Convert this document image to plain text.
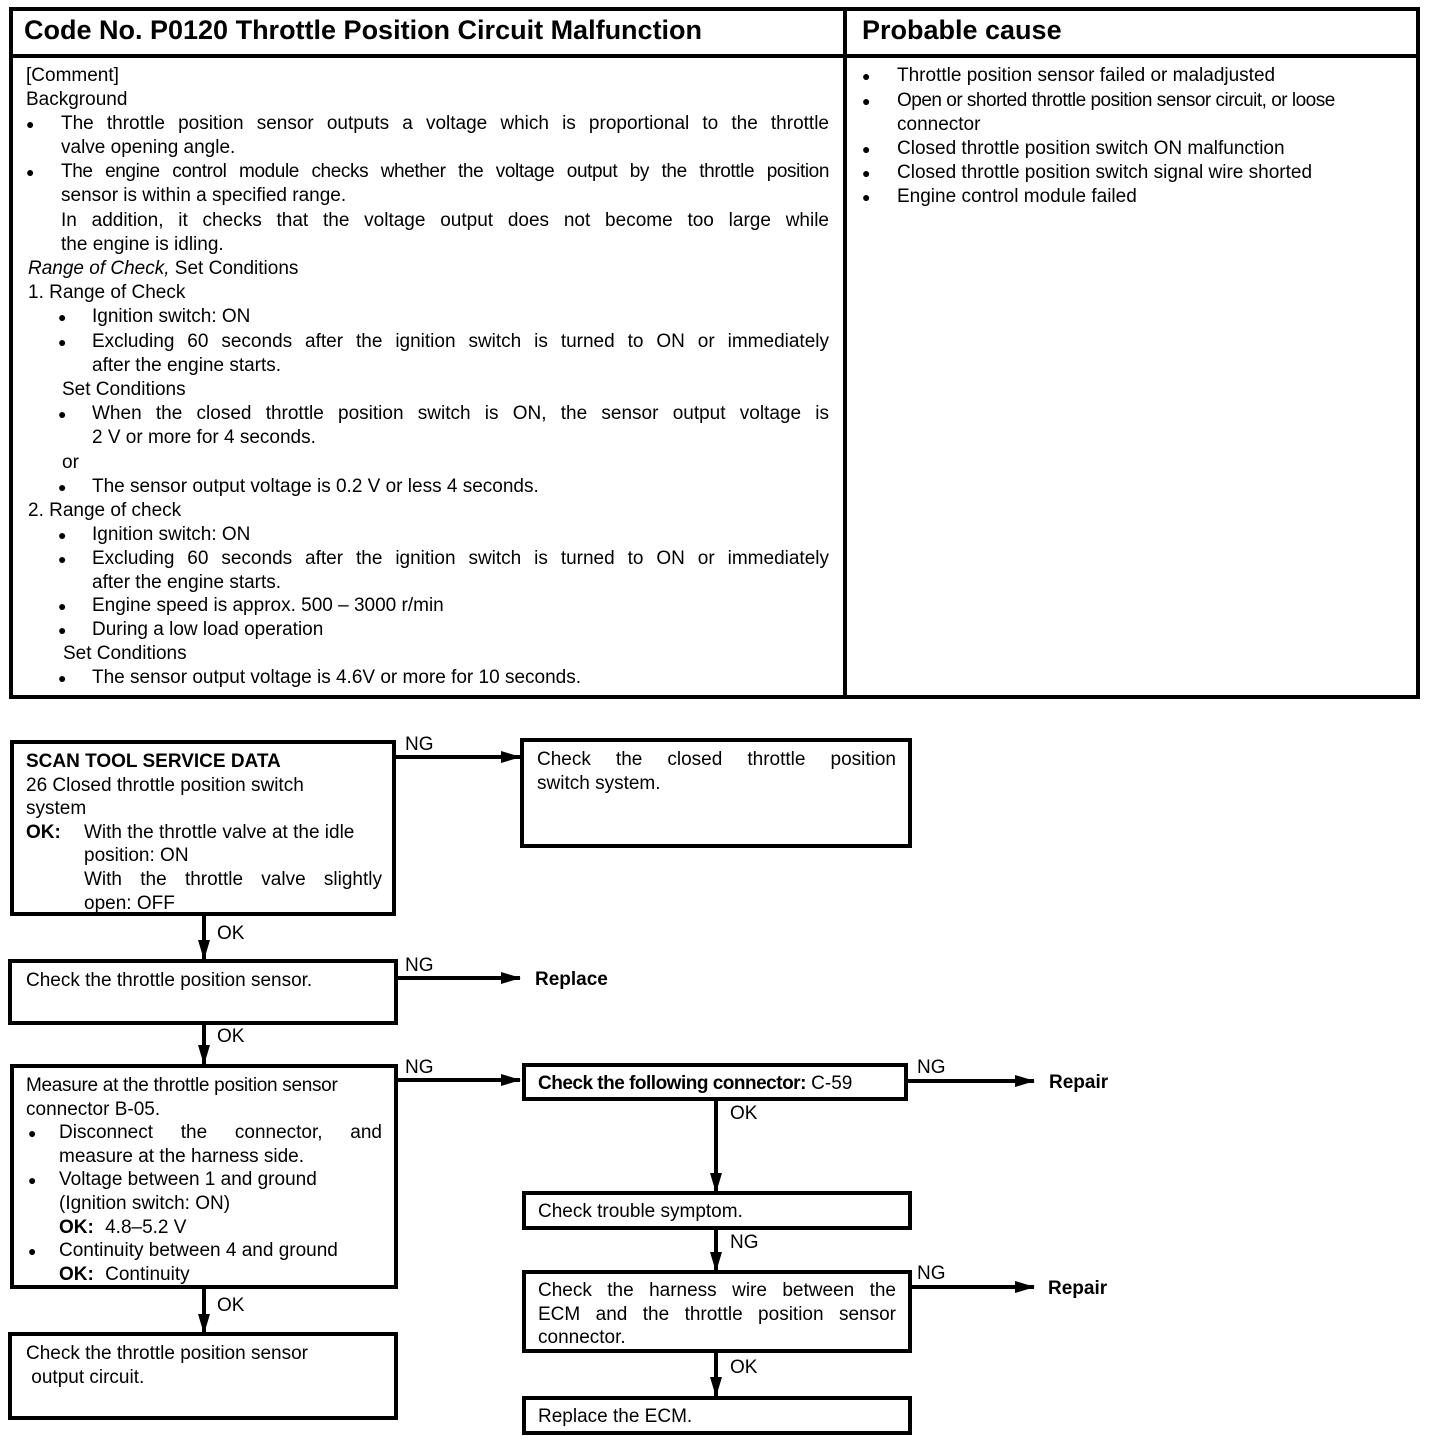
Code No. P0120 Throttle Position Circuit Malfunction	Probable cause
[Comment]
Background
The throttle position sensor outputs a voltage which is proportional to the throttle
valve opening angle.
The engine control module checks whether the voltage output by the throttle position
sensor is within a specified range.
In addition, it checks that the voltage output does not become too large while
the engine is idling.
Range of Check, Set Conditions
1. Range of Check
Ignition switch: ON
Excluding 60 seconds after the ignition switch is turned to ON or immediately
after the engine starts.
Set Conditions
When the closed throttle position switch is ON, the sensor output voltage is
2 V or more for 4 seconds.
or
The sensor output voltage is 0.2 V or less 4 seconds.
2. Range of check
Ignition switch: ON
Excluding 60 seconds after the ignition switch is turned to ON or immediately
after the engine starts.
Engine speed is approx. 500 – 3000 r/min
During a low load operation
Set Conditions
The sensor output voltage is 4.6V or more for 10 seconds.
Throttle position sensor failed or maladjusted
Open or shorted throttle position sensor circuit, or loose
connector
Closed throttle position switch ON malfunction
Closed throttle position switch signal wire shorted
Engine control module failed
SCAN TOOL SERVICE DATA
26 Closed throttle position switch
system
OK: With the throttle valve at the idle
position: ON
With the throttle valve slightly
open: OFF
Check the closed throttle position
switch system.
Check the throttle position sensor.	Replace
Measure at the throttle position sensor
connector B-05.
Disconnect the connector, and
measure at the harness side.
Voltage between 1 and ground
(Ignition switch: ON)
OK: 4.8–5.2 V
Continuity between 4 and ground
OK: Continuity
Check the throttle position sensor
output circuit.
Check the following connector: C-59	Repair
Check trouble symptom.
Check the harness wire between the
ECM and the throttle position sensor
connector.
Repair
Replace the ECM.
NG
OK
NG
OK
NG
OK
NG
OK
NG
NG
OK
